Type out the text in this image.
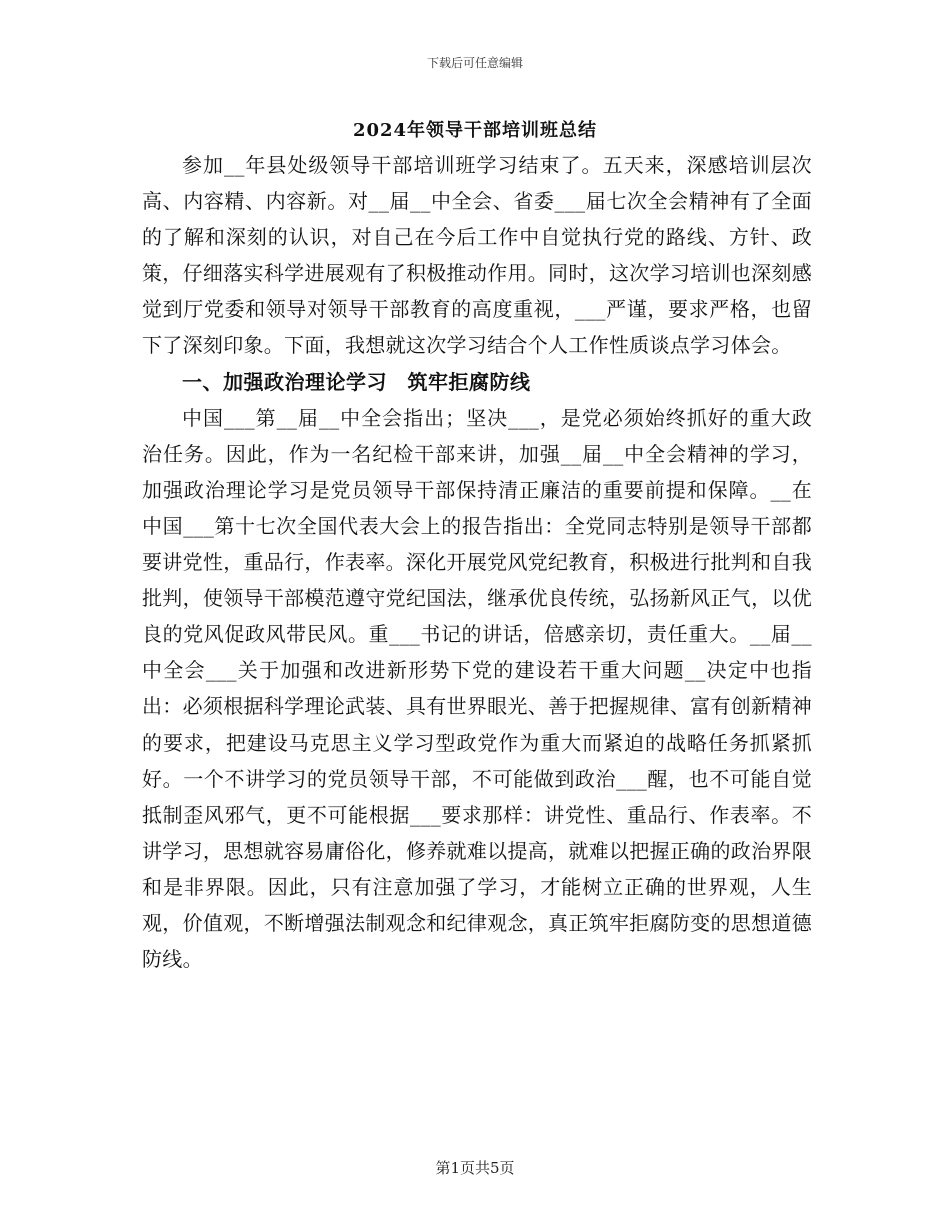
下载后可任意编辑
2024年领导干部培训班总结

参加__年县处级领导干部培训班学习结束了。五天来，深感培训层次高、内容精、内容新。对__届__中全会、省委___届七次全会精神有了全面的了解和深刻的认识，对自己在今后工作中自觉执行党的路线、方针、政策，仔细落实科学进展观有了积极推动作用。同时，这次学习培训也深刻感觉到厅党委和领导对领导干部教育的高度重视，___严谨，要求严格，也留下了深刻印象。下面，我想就这次学习结合个人工作性质谈点学习体会。

一、加强政治理论学习　筑牢拒腐防线

中国___第__届__中全会指出；坚决___，是党必须始终抓好的重大政治任务。因此，作为一名纪检干部来讲，加强__届__中全会精神的学习，加强政治理论学习是党员领导干部保持清正廉洁的重要前提和保障。__在中国___第十七次全国代表大会上的报告指出：全党同志特别是领导干部都要讲党性，重品行，作表率。深化开展党风党纪教育，积极进行批判和自我批判，使领导干部模范遵守党纪国法，继承优良传统，弘扬新风正气，以优良的党风促政风带民风。重___书记的讲话，倍感亲切，责任重大。__届__中全会___关于加强和改进新形势下党的建设若干重大问题__决定中也指出：必须根据科学理论武装、具有世界眼光、善于把握规律、富有创新精神的要求，把建设马克思主义学习型政党作为重大而紧迫的战略任务抓紧抓好。一个不讲学习的党员领导干部，不可能做到政治___醒，也不可能自觉抵制歪风邪气，更不可能根据___要求那样：讲党性、重品行、作表率。不讲学习，思想就容易庸俗化，修养就难以提高，就难以把握正确的政治界限和是非界限。因此，只有注意加强了学习，才能树立正确的世界观，人生观，价值观，不断增强法制观念和纪律观念，真正筑牢拒腐防变的思想道德防线。

第1页共5页
